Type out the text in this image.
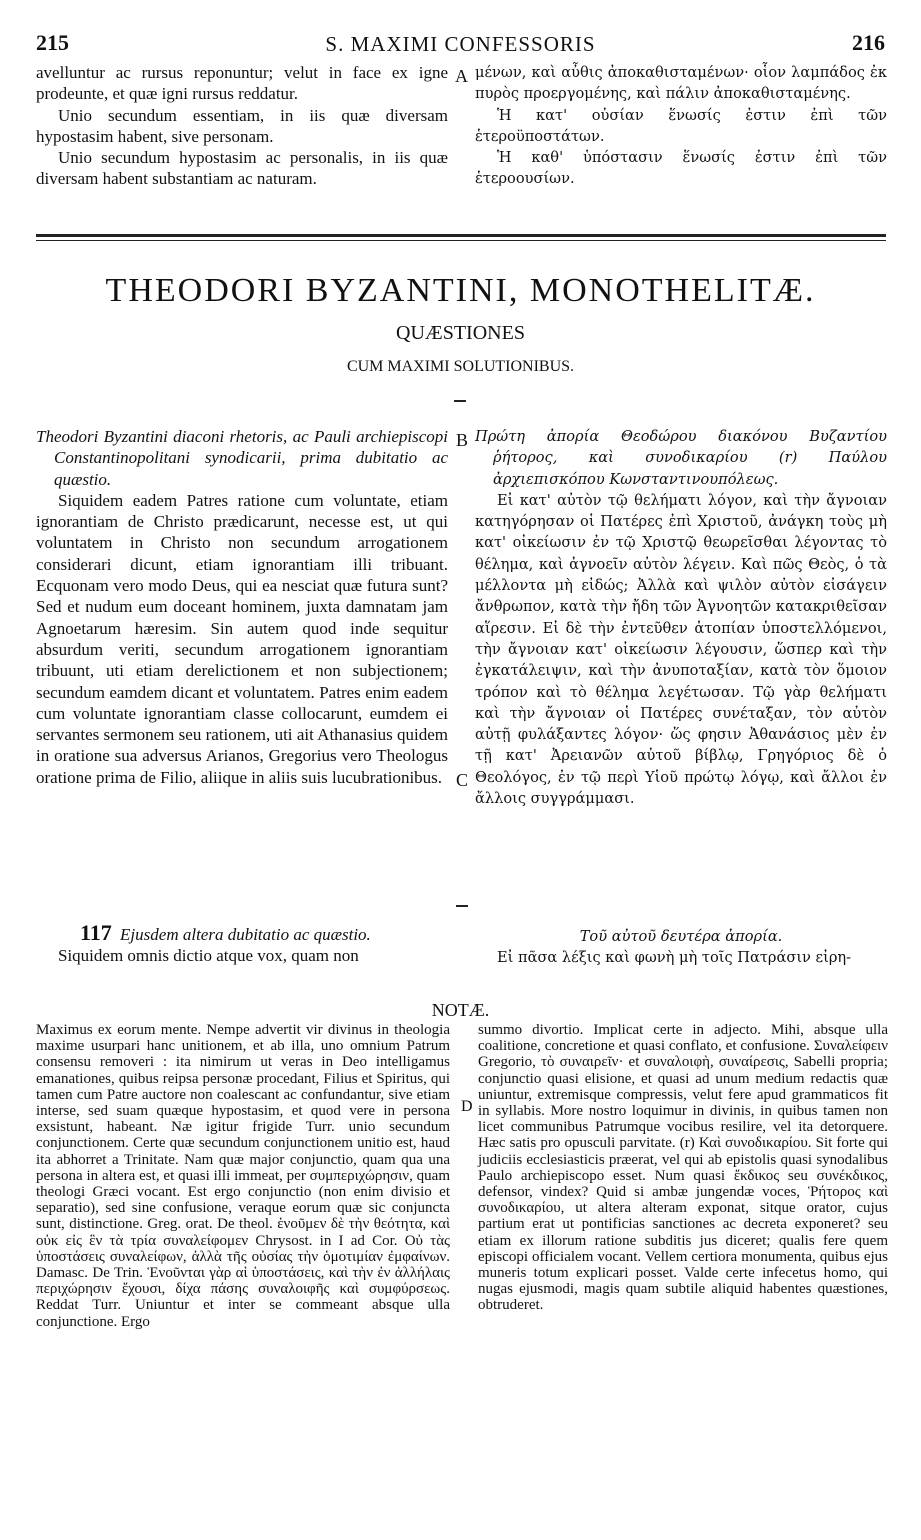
215	S. MAXIMI CONFESSORIS	216

avelluntur ac rursus reponuntur; velut in face ex igne prodeunte, et quæ igni rursus reddatur.

Unio secundum essentiam, in iis quæ diversam hypostasim habent, sive personam.

Unio secundum hypostasim ac personalis, in iis quæ diversam habent substantiam ac naturam.

A μένων, καὶ αὖθις ἀποκαθισταμένων· οἷον λαμπάδος ἐκ πυρὸς προεργομένης, καὶ πάλιν ἀποκαθισταμένης.

Ἡ κατ' οὐσίαν ἕνωσίς ἐστιν ἐπὶ τῶν ἑτεροϋποστάτων.

Ἡ καθ' ὑπόστασιν ἕνωσίς ἐστιν ἐπὶ τῶν ἑτεροουσίων.

THEODORI BYZANTINI, MONOTHELITÆ.
QUÆSTIONES
CUM MAXIMI SOLUTIONIBUS.

Theodori Byzantini diaconi rhetoris, ac Pauli archiepiscopi Constantinopolitani synodicarii, prima dubitatio ac quæstio.

Siquidem eadem Patres ratione cum voluntate, etiam ignorantiam de Christo prædicarunt, necesse est, ut qui voluntatem in Christo non secundum arrogationem considerari dicunt, etiam ignorantiam illi tribuant. Ecquonam vero modo Deus, qui ea nesciat quæ futura sunt? Sed et nudum eum doceant hominem, juxta damnatam jam Agnoetarum hæresim. Sin autem quod inde sequitur absurdum veriti, secundum arrogationem ignorantiam tribuunt, uti etiam derelictionem et non subjectionem; secundum eamdem dicant et voluntatem. Patres enim eadem cum voluntate ignorantiam classe collocarunt, eumdem ei servantes sermonem seu rationem, uti ait Athanasius quidem in oratione sua adversus Arianos, Gregorius vero Theologus oratione prima de Filio, aliique in aliis suis lucubrationibus.

B
C

Πρώτη ἀπορία Θεοδώρου διακόνου Βυζαντίου ῥήτορος, καὶ συνοδικαρίου (r) Παύλου ἀρχιεπισκόπου Κωνσταντινουπόλεως.

Εἰ κατ' αὐτὸν τῷ θελήματι λόγον, καὶ τὴν ἄγνοιαν κατηγόρησαν οἱ Πατέρες ἐπὶ Χριστοῦ, ἀνάγκη τοὺς μὴ κατ' οἰκείωσιν ἐν τῷ Χριστῷ θεωρεῖσθαι λέγοντας τὸ θέλημα, καὶ ἀγνοεῖν αὐτὸν λέγειν. Καὶ πῶς Θεὸς, ὁ τὰ μέλλοντα μὴ εἰδώς; Ἀλλὰ καὶ ψιλὸν αὐτὸν εἰσάγειν ἄνθρωπον, κατὰ τὴν ἤδη τῶν Ἀγνοητῶν κατακριθεῖσαν αἵρεσιν. Εἰ δὲ τὴν ἐντεῦθεν ἀτοπίαν ὑποστελλόμενοι, τὴν ἄγνοιαν κατ' οἰκείωσιν λέγουσιν, ὥσπερ καὶ τὴν ἐγκατάλειψιν, καὶ τὴν ἀνυποταξίαν, κατὰ τὸν ὅμοιον τρόπον καὶ τὸ θέλημα λεγέτωσαν. Τῷ γὰρ θελήματι καὶ τὴν ἄγνοιαν οἱ Πατέρες συνέταξαν, τὸν αὐτὸν αὐτῇ φυλάξαντες λόγον· ὥς φησιν Ἀθανάσιος μὲν ἐν τῇ κατ' Ἀρειανῶν αὐτοῦ βίβλῳ, Γρηγόριος δὲ ὁ Θεολόγος, ἐν τῷ περὶ Υἱοῦ πρώτῳ λόγῳ, καὶ ἄλλοι ἐν ἄλλοις συγγράμμασι.

117 Ejusdem altera dubitatio ac quæstio.

Siquidem omnis dictio atque vox, quam non

Τοῦ αὐτοῦ δευτέρα ἀπορία.

Εἰ πᾶσα λέξις καὶ φωνὴ μὴ τοῖς Πατράσιν εἰρη-

NOTÆ.

Maximus ex eorum mente. Nempe advertit vir divinus in theologia maxime usurpari hanc unitionem, et ab illa, uno omnium Patrum consensu removeri : ita nimirum ut veras in Deo intelligamus emanationes, quibus reipsa personæ procedant, Filius et Spiritus, qui tamen cum Patre auctore non coalescant ac confundantur, sive etiam interse, sed suam quæque hypostasim, et quod vere in persona exsistunt, habeant. Næ igitur frigide Turr. unio secundum conjunctionem. Certe quæ secundum conjunctionem unitio est, haud ita abhorret a Trinitate. Nam quæ major conjunctio, quam qua una persona in altera est, et quasi illi immeat, per συμπεριχώρησιν, quam theologi Græci vocant. Est ergo conjunctio (non enim divisio et separatio), sed sine confusione, veraque eorum quæ sic conjuncta sunt, distinctione. Greg. orat. De theol. ἑνοῦμεν δὲ τὴν θεότητα, καὶ οὐκ εἰς ἓν τὰ τρία συναλείφομεν Chrysost. in I ad Cor. Οὐ τὰς ὑποστάσεις συναλείφων, ἀλλὰ τῆς οὐσίας τὴν ὁμοτιμίαν ἐμφαίνων. Damasc. De Trin. Ἑνοῦνται γὰρ αἱ ὑποστάσεις, καὶ τὴν ἐν ἀλλήλαις περιχώρησιν ἔχουσι, δίχα πάσης συναλοιφῆς καὶ συμφύρσεως. Reddat Turr. Uniuntur et inter se commeant absque ulla conjunctione. Ergo

D

summo divortio. Implicat certe in adjecto. Mihi, absque ulla coalitione, concretione et quasi conflato, et confusione. Συναλείφειν Gregorio, τὸ συναιρεῖν· et συναλοιφὴ, συναίρεσις, Sabelli propria; conjunctio quasi elisione, et quasi ad unum medium redactis quæ uniuntur, extremisque compressis, velut fere apud grammaticos fit in syllabis. More nostro loquimur in divinis, in quibus tamen non licet communibus Patrumque vocibus resilire, vel ita detorquere. Hæc satis pro opusculi parvitate. (r) Καὶ συνοδικαρίου. Sit forte qui judiciis ecclesiasticis præerat, vel qui ab epistolis quasi synodalibus Paulo archiepiscopo esset. Num quasi ἔκδικος seu συνέκδικος, defensor, vindex? Quid si ambæ jungendæ voces, Ῥήτορος καὶ συνοδικαρίου, ut altera alteram exponat, sitque orator, cujus partium erat ut pontificias sanctiones ac decreta exponeret? seu etiam ex illorum ratione subditis jus diceret; qualis fere quem episcopi officialem vocant. Vellem certiora monumenta, quibus ejus muneris totum explicari posset. Valde certe infecetus homo, qui nugas ejusmodi, magis quam subtile aliquid habentes quæstiones, obtruderet.
